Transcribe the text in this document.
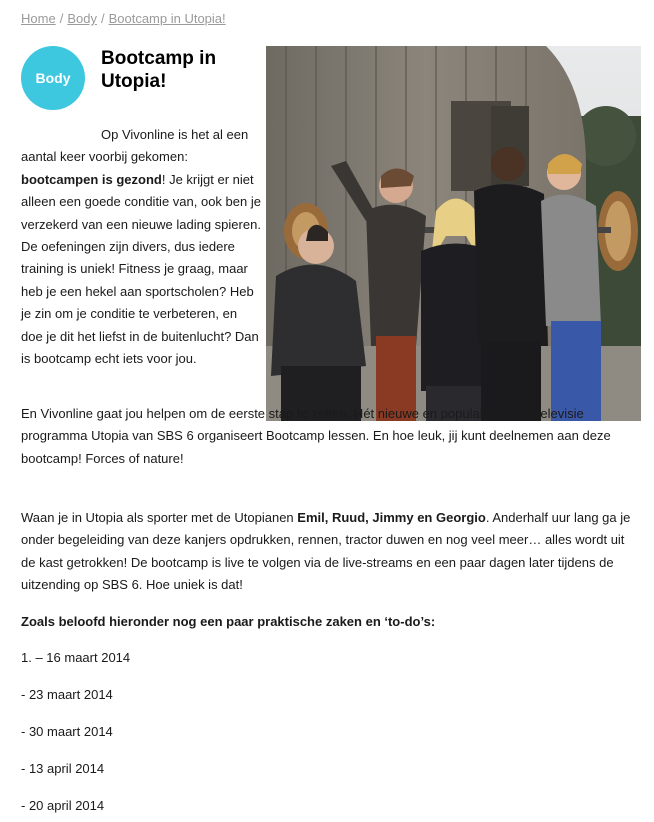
Home / Body / Bootcamp in Utopia!
Body
Bootcamp in Utopia!

Op Vivonline is het al een aantal keer voorbij gekomen: bootcampen is gezond! Je krijgt er niet alleen een goede conditie van, ook ben je verzekerd van een nieuwe lading spieren. De oefeningen zijn divers, dus iedere training is uniek! Fitness je graag, maar heb je een hekel aan sportscholen? Heb je zin om je conditie te verbeteren, en doe je dit het liefst in de buitenlucht? Dan is bootcamp echt iets voor jou.

En Vivonline gaat jou helpen om de eerste stap te zetten. Hét nieuwe en populaire reality-televisie programma Utopia van SBS 6 organiseert Bootcamp lessen. En hoe leuk, jij kunt deelnemen aan deze bootcamp! Forces of nature!

Waan je in Utopia als sporter met de Utopianen Emil, Ruud, Jimmy en Georgio. Anderhalf uur lang ga je onder begeleiding van deze kanjers opdrukken, rennen, tractor duwen en nog veel meer… alles wordt uit de kast getrokken! De bootcamp is live te volgen via de live-streams en een paar dagen later tijdens de uitzending op SBS 6. Hoe uniek is dat!

Zoals beloofd hieronder nog een paar praktische zaken en ‘to-do’s:

1. – 16 maart 2014

- 23 maart 2014

- 30 maart 2014

- 13 april 2014

- 20 april 2014
